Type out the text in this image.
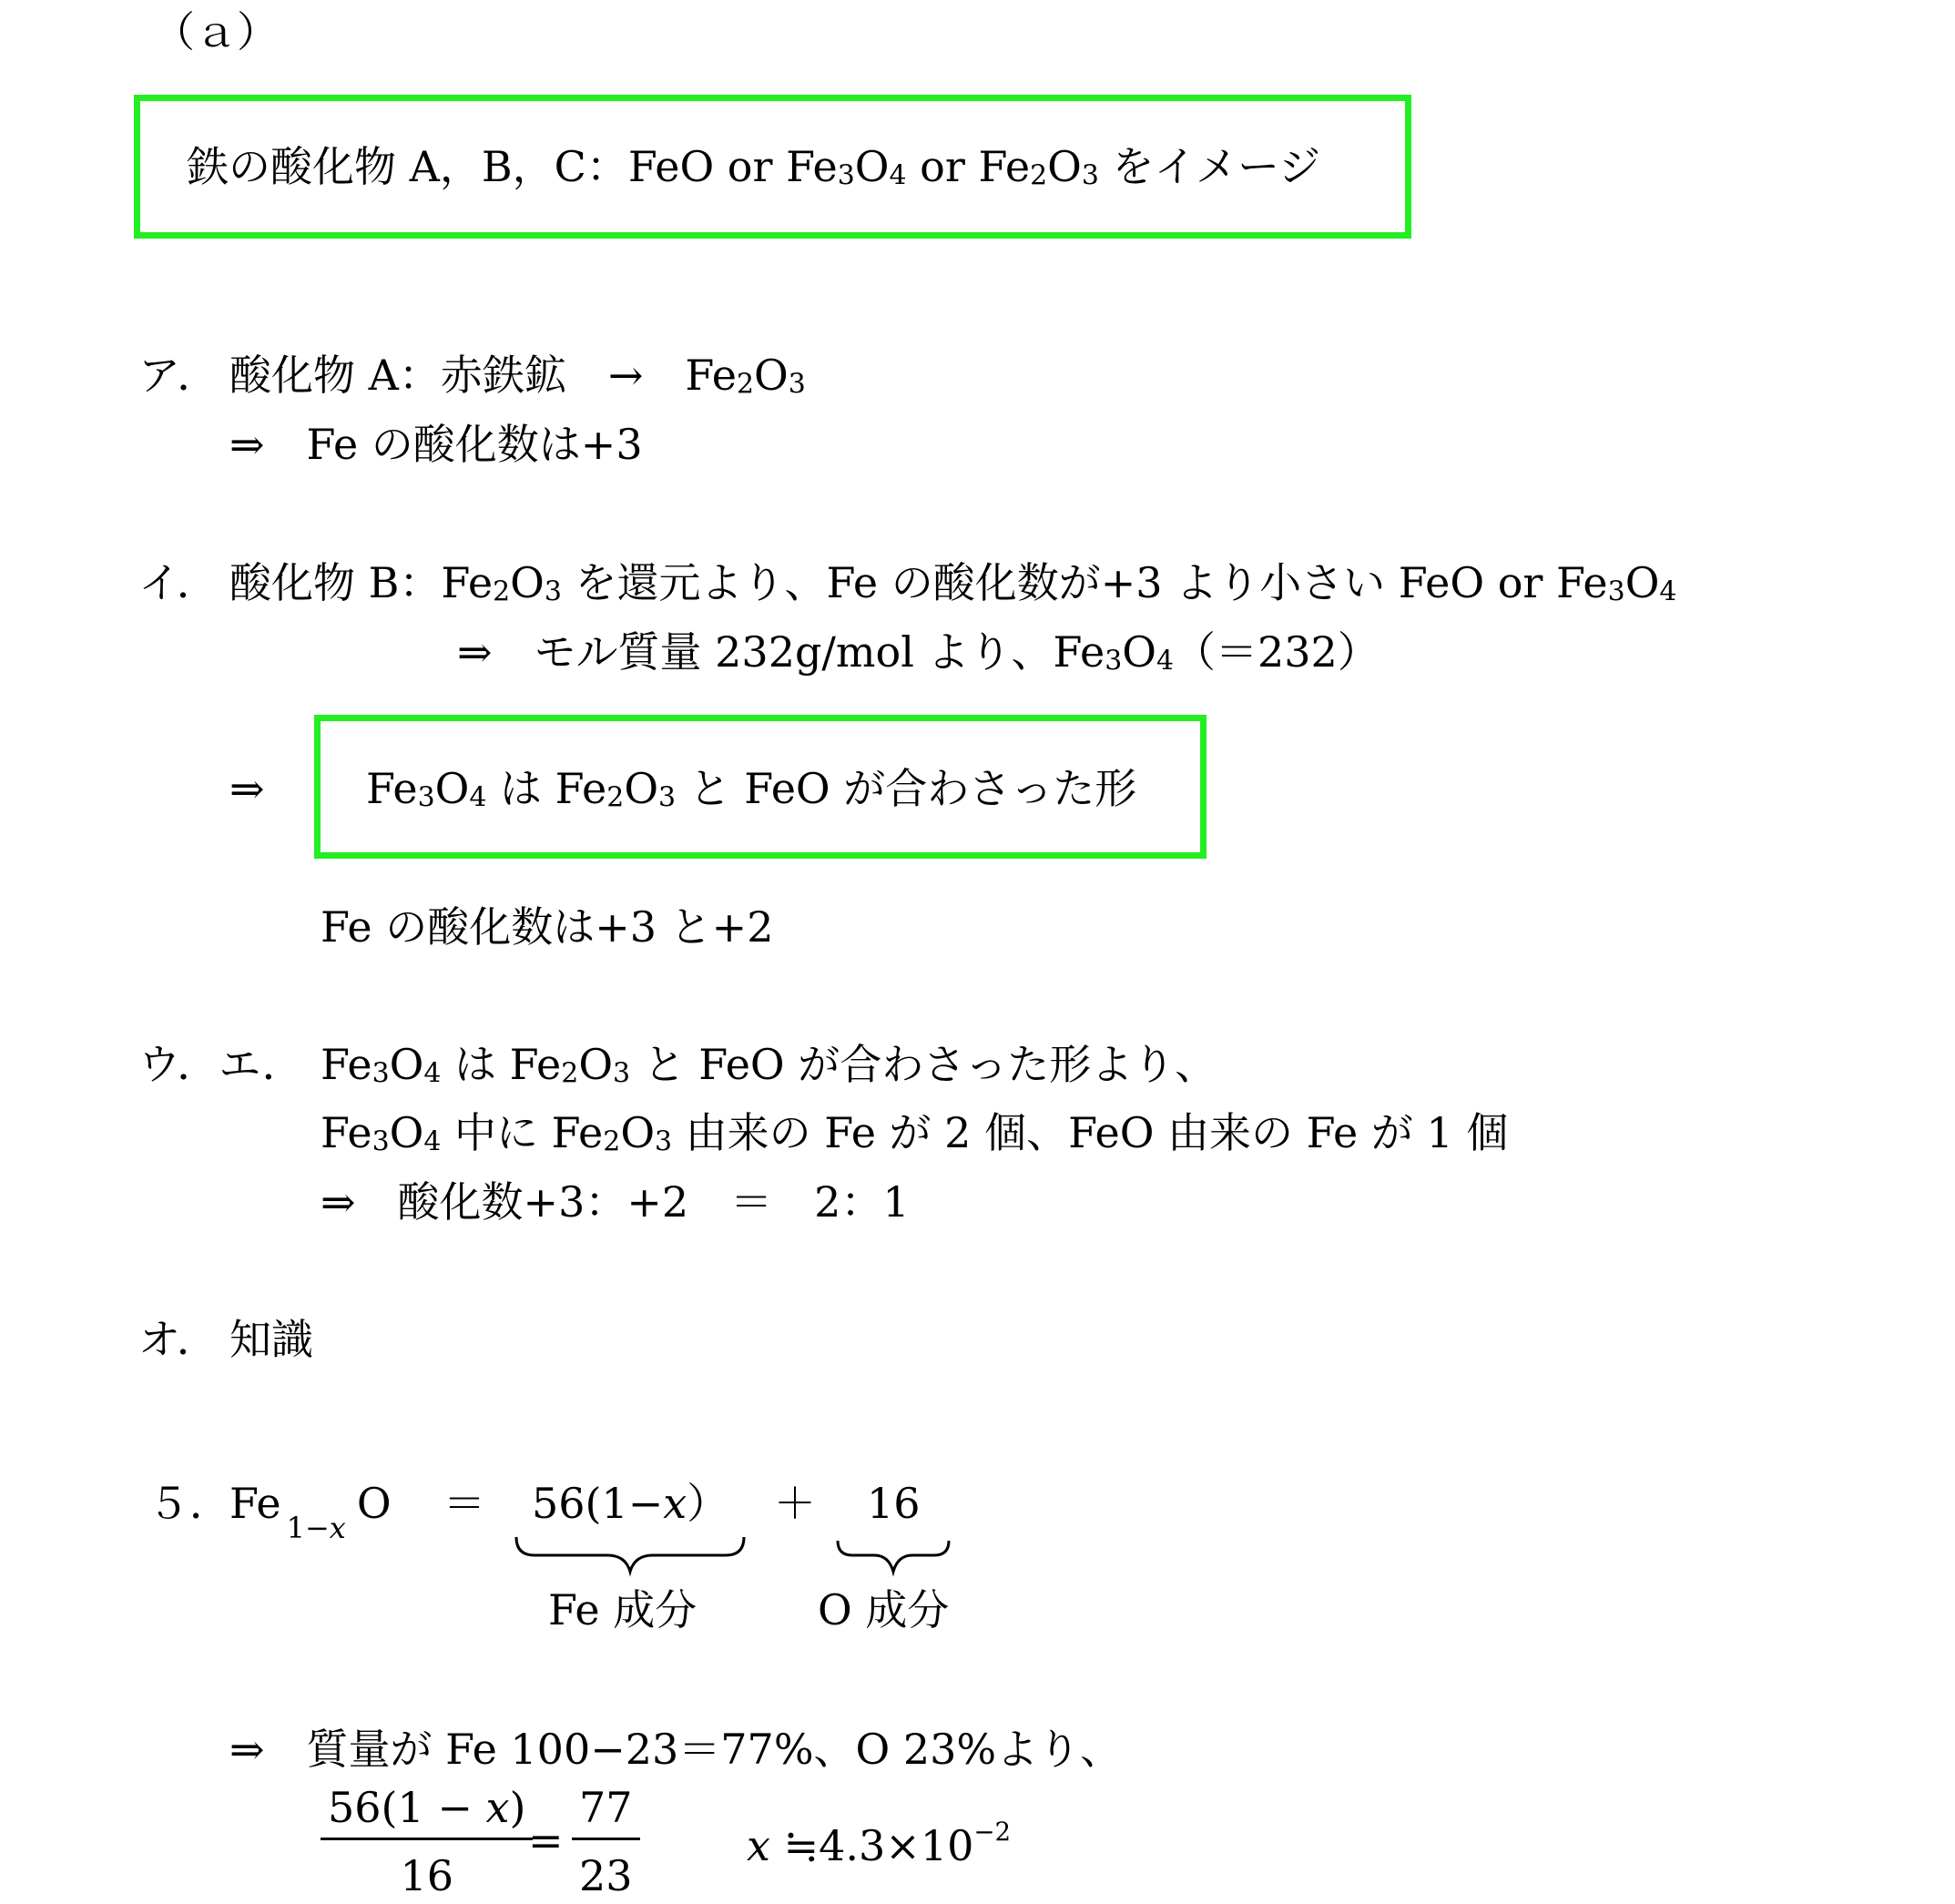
（ａ）
鉄の酸化物 A，B，C：FeO or $Fe_3O_4$ or $Fe_2O_3$ をイメージ
ア． 酸化物 A：赤鉄鉱　→　$Fe_2O_3$
⇒　Fe の酸化数は+3
イ． 酸化物 B：$Fe_2O_3$ を還元より、Fe の酸化数が+3 より小さい FeO or $Fe_3O_4$
⇒　モル質量 232g/mol より、$Fe_3O_4(=232)$
⇒ $Fe_3O_4$ は $Fe_2O_3$ と FeO が合わさった形
Fe の酸化数は+3 と+2
ウ．エ． $Fe_3O_4$ は $Fe_2O_3$ と FeO が合わさった形より、
$Fe_3O_4$ 中に $Fe_2O_3$ 由来の Fe が 2 個、FeO 由来の Fe が 1 個
⇒　酸化数+3：+2　＝　2：1
オ． 知識
５．
Fe $_{1-x}$ O ＝ 56(1−x） ＋ 16
Fe 成分	O 成分
⇒　質量が Fe 100−23＝77%、O 23%より、
$\frac{56(1 - x)}{16}$
= $\frac{77}{23}$	x $≒4.3\times 10^{-2}$
